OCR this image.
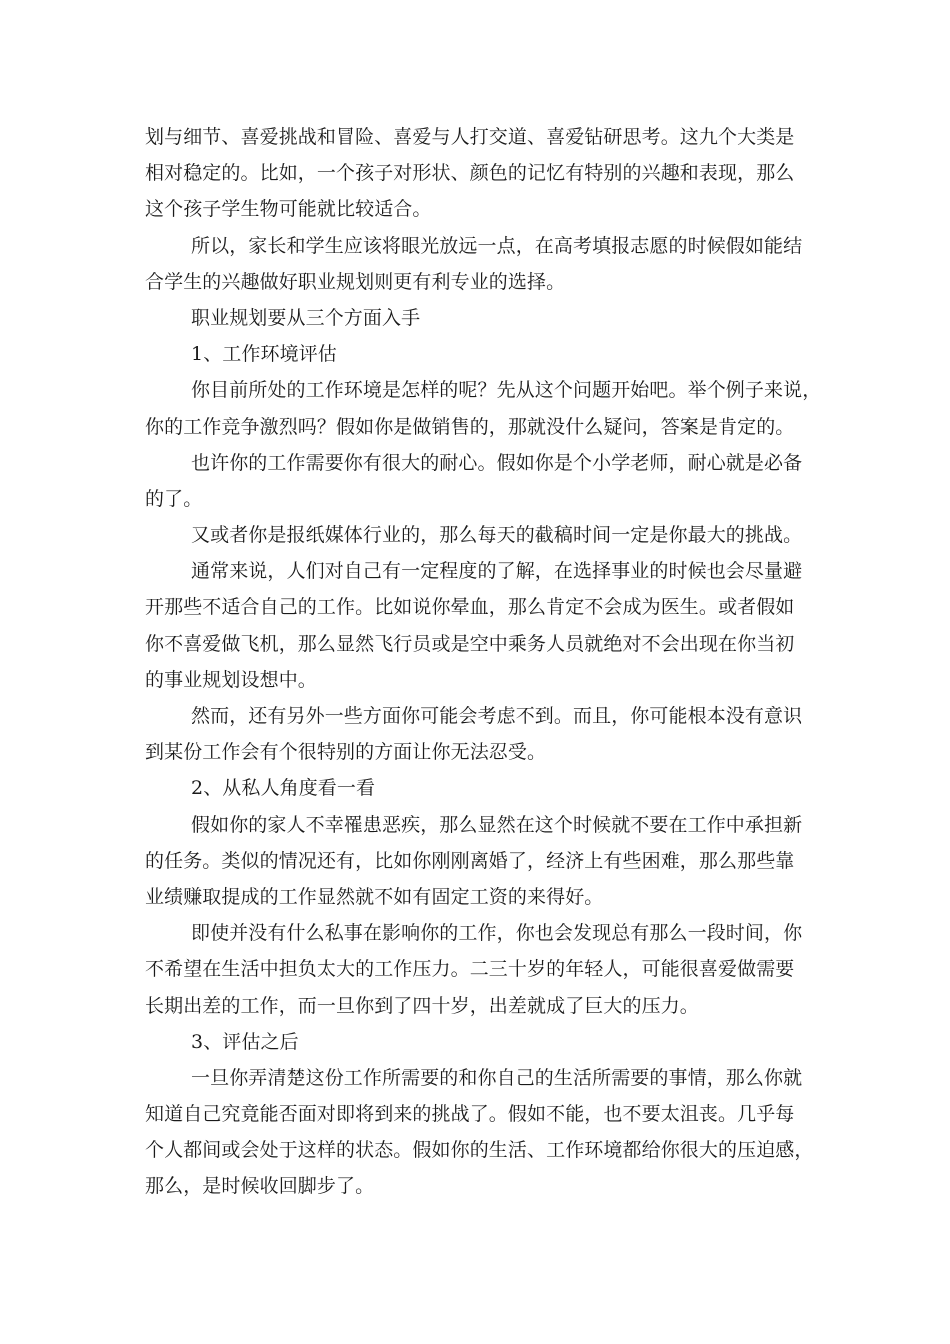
划与细节、喜爱挑战和冒险、喜爱与人打交道、喜爱钻研思考。这九个大类是
相对稳定的。比如，一个孩子对形状、颜色的记忆有特别的兴趣和表现，那么
这个孩子学生物可能就比较适合。
所以，家长和学生应该将眼光放远一点，在高考填报志愿的时候假如能结
合学生的兴趣做好职业规划则更有利专业的选择。
职业规划要从三个方面入手
1、工作环境评估
你目前所处的工作环境是怎样的呢？先从这个问题开始吧。举个例子来说，
你的工作竞争激烈吗？假如你是做销售的，那就没什么疑问，答案是肯定的。
也许你的工作需要你有很大的耐心。假如你是个小学老师，耐心就是必备
的了。
又或者你是报纸媒体行业的，那么每天的截稿时间一定是你最大的挑战。
通常来说，人们对自己有一定程度的了解，在选择事业的时候也会尽量避
开那些不适合自己的工作。比如说你晕血，那么肯定不会成为医生。或者假如
你不喜爱做飞机，那么显然飞行员或是空中乘务人员就绝对不会出现在你当初
的事业规划设想中。
然而，还有另外一些方面你可能会考虑不到。而且，你可能根本没有意识
到某份工作会有个很特别的方面让你无法忍受。
2、从私人角度看一看
假如你的家人不幸罹患恶疾，那么显然在这个时候就不要在工作中承担新
的任务。类似的情况还有，比如你刚刚离婚了，经济上有些困难，那么那些靠
业绩赚取提成的工作显然就不如有固定工资的来得好。
即使并没有什么私事在影响你的工作，你也会发现总有那么一段时间，你
不希望在生活中担负太大的工作压力。二三十岁的年轻人，可能很喜爱做需要
长期出差的工作，而一旦你到了四十岁，出差就成了巨大的压力。
3、评估之后
一旦你弄清楚这份工作所需要的和你自己的生活所需要的事情，那么你就
知道自己究竟能否面对即将到来的挑战了。假如不能，也不要太沮丧。几乎每
个人都间或会处于这样的状态。假如你的生活、工作环境都给你很大的压迫感，
那么，是时候收回脚步了。
